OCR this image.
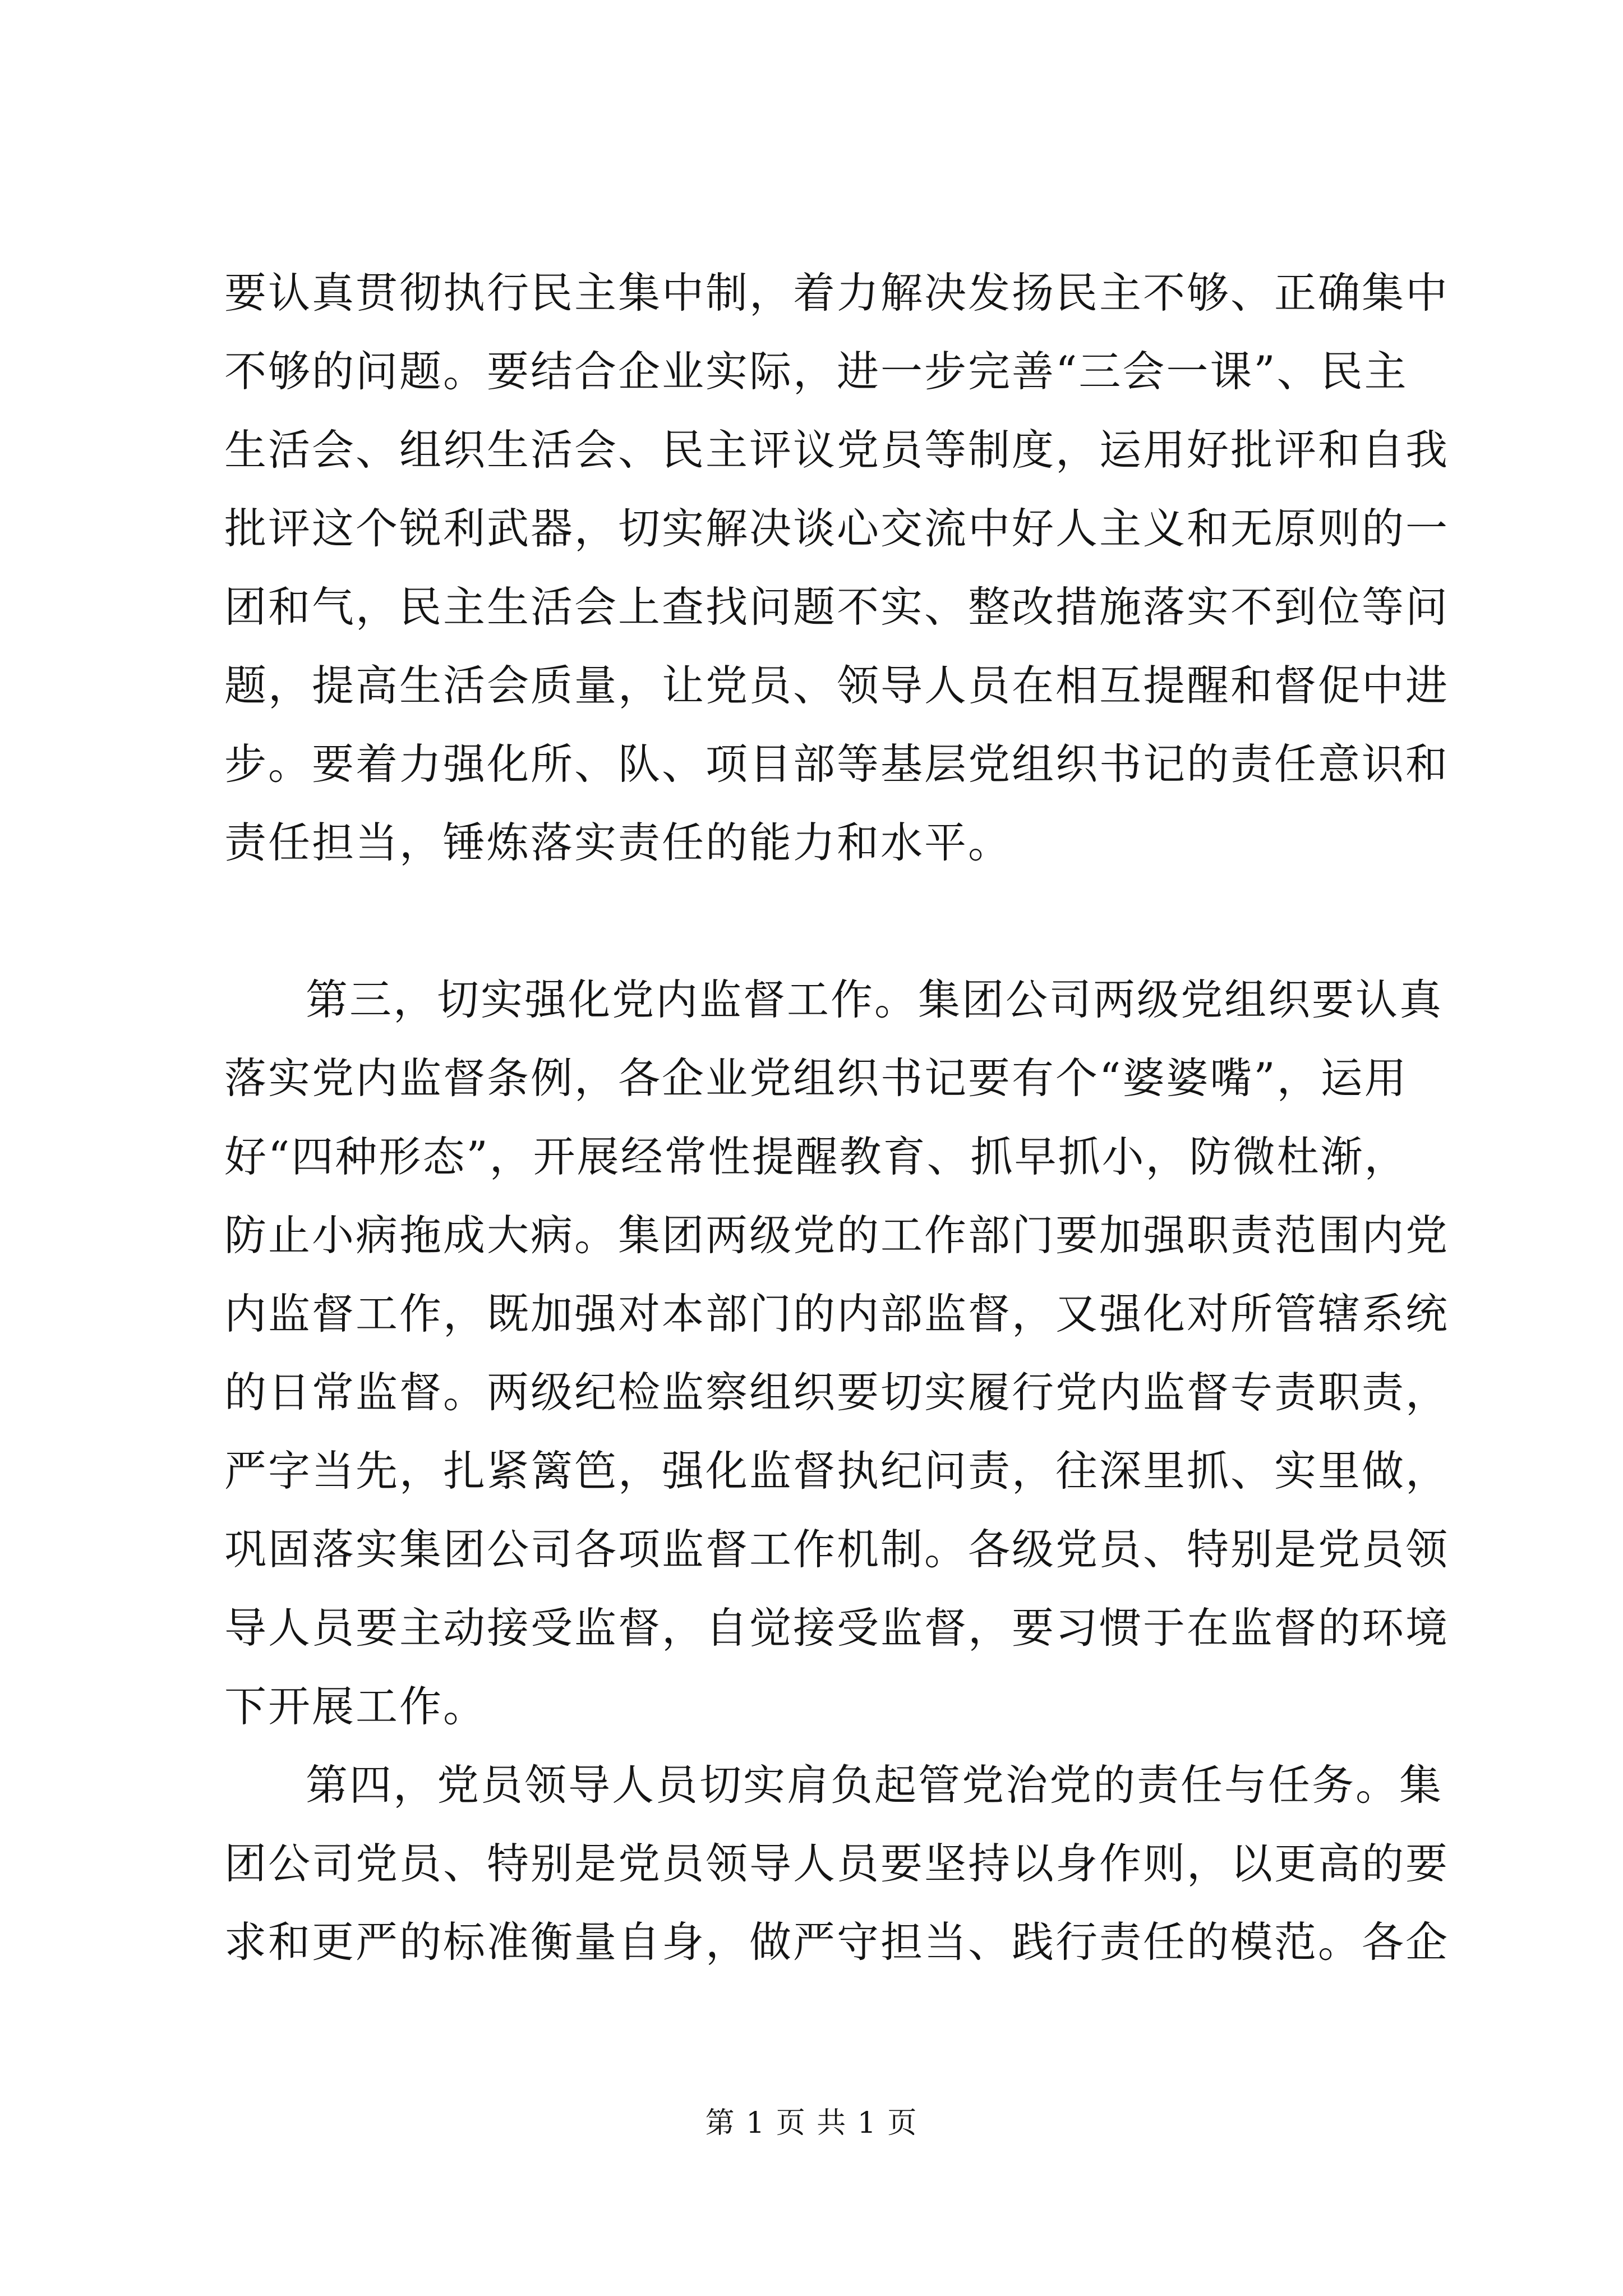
要认真贯彻执行民主集中制，着力解决发扬民主不够、正确集中
不够的问题。要结合企业实际，进一步完善“三会一课”、民主
生活会、组织生活会、民主评议党员等制度，运用好批评和自我
批评这个锐利武器，切实解决谈心交流中好人主义和无原则的一
团和气，民主生活会上查找问题不实、整改措施落实不到位等问
题，提高生活会质量，让党员、领导人员在相互提醒和督促中进
步。要着力强化所、队、项目部等基层党组织书记的责任意识和
责任担当，锤炼落实责任的能力和水平。
第三，切实强化党内监督工作。集团公司两级党组织要认真
落实党内监督条例，各企业党组织书记要有个“婆婆嘴”，运用
好“四种形态”，开展经常性提醒教育、抓早抓小，防微杜渐，
防止小病拖成大病。集团两级党的工作部门要加强职责范围内党
内监督工作，既加强对本部门的内部监督，又强化对所管辖系统
的日常监督。两级纪检监察组织要切实履行党内监督专责职责，
严字当先，扎紧篱笆，强化监督执纪问责，往深里抓、实里做，
巩固落实集团公司各项监督工作机制。各级党员、特别是党员领
导人员要主动接受监督，自觉接受监督，要习惯于在监督的环境
下开展工作。
第四，党员领导人员切实肩负起管党治党的责任与任务。集
团公司党员、特别是党员领导人员要坚持以身作则，以更高的要
求和更严的标准衡量自身，做严守担当、践行责任的模范。各企
第 1 页 共 1 页
